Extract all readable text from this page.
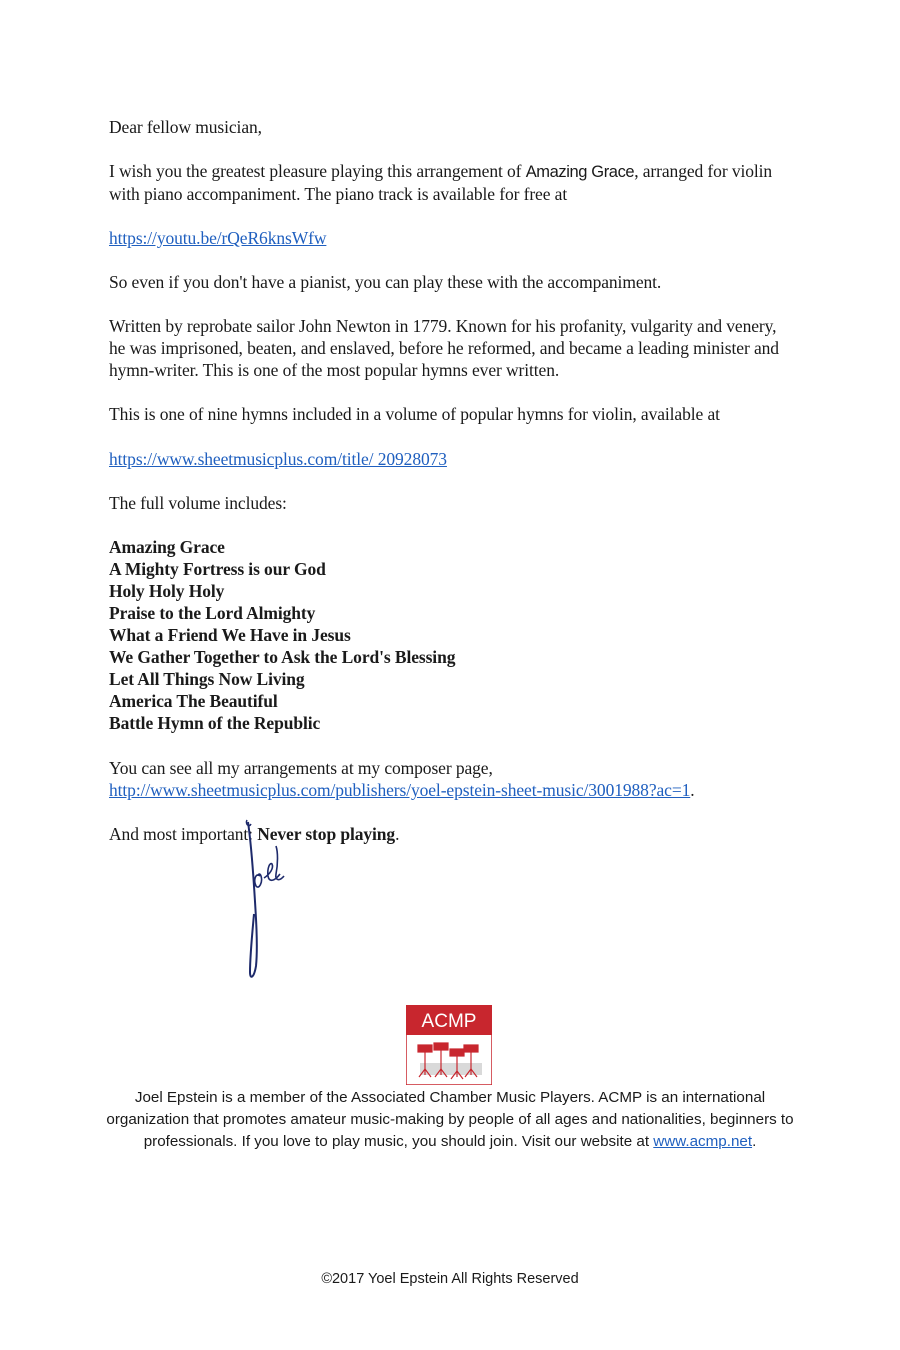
Dear fellow musician,

I wish you the greatest pleasure playing this arrangement of Amazing Grace, arranged for violin with piano accompaniment. The piano track is available for free at

https://youtu.be/rQeR6knsWfw

So even if you don't have a pianist, you can play these with the accompaniment.

Written by reprobate sailor John Newton in 1779. Known for his profanity, vulgarity and venery, he was imprisoned, beaten, and enslaved, before he reformed, and became a leading minister and hymn-writer. This is one of the most popular hymns ever written.

This is one of nine hymns included in a volume of popular hymns for violin, available at

https://www.sheetmusicplus.com/title/ 20928073

The full volume includes:

Amazing Grace
A Mighty Fortress is our God
Holy Holy Holy
Praise to the Lord Almighty
What a Friend We Have in Jesus
We Gather Together to Ask the Lord's Blessing
Let All Things Now Living
America The Beautiful
Battle Hymn of the Republic

You can see all my arrangements at my composer page,
http://www.sheetmusicplus.com/publishers/yoel-epstein-sheet-music/3001988?ac=1.

And most important: Never stop playing.

ACMP

Joel Epstein is a member of the Associated Chamber Music Players. ACMP is an international organization that promotes amateur music-making by people of all ages and nationalities, beginners to professionals. If you love to play music, you should join. Visit our website at www.acmp.net.

©2017 Yoel Epstein All Rights Reserved
